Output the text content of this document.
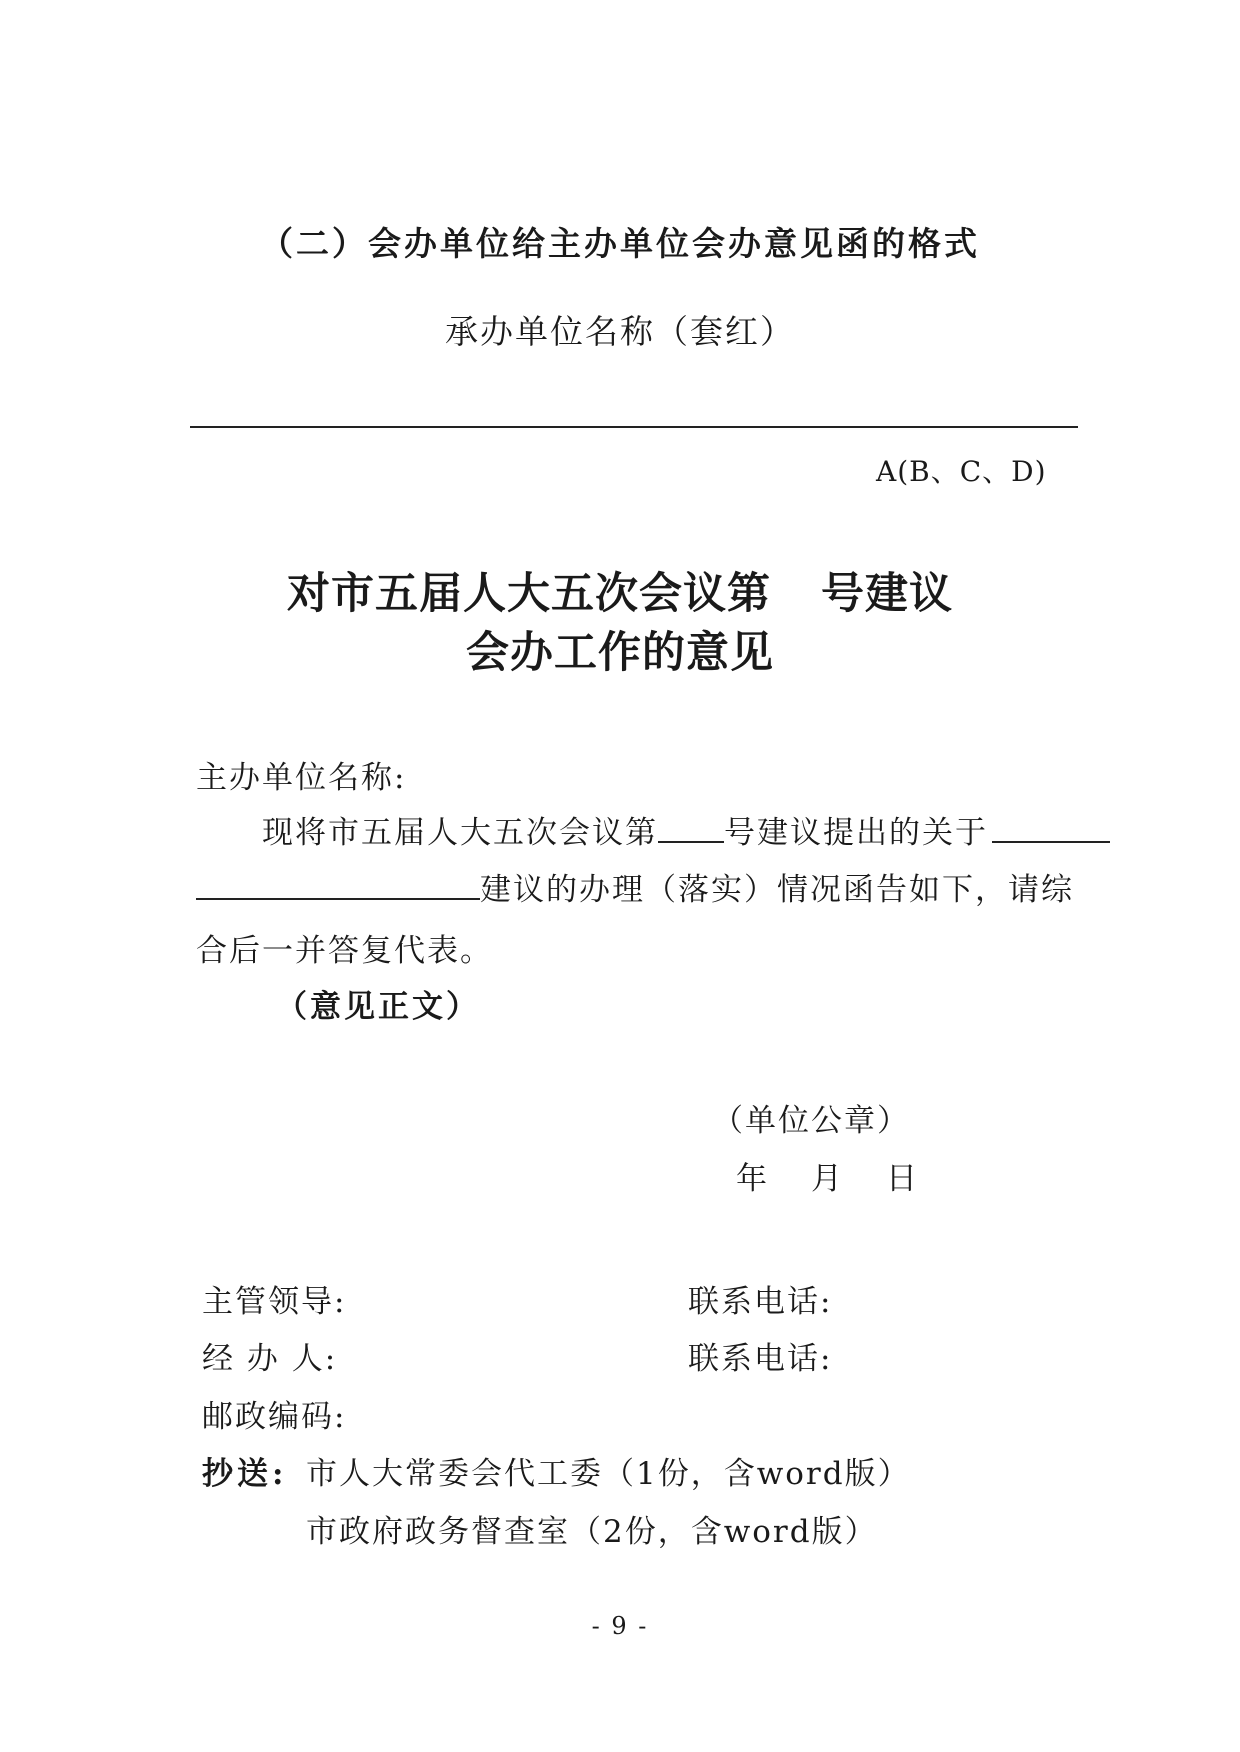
（二）会办单位给主办单位会办意见函的格式
承办单位名称（套红）
A(B、C、D)
对市五届人大五次会议第 号建议
会办工作的意见
主办单位名称:
现将市五届人大五次会议第 号建议提出的关于
建议的办理（落实）情况函告如下，请综
合后一并答复代表。
（意见正文）
（单位公章）
年 月 日
主管领导:	联系电话:
经 办 人:	联系电话:
邮政编码:
抄送: 市人大常委会代工委（1份，含word版）
市政府政务督查室（2份，含word版）
- 9 -
